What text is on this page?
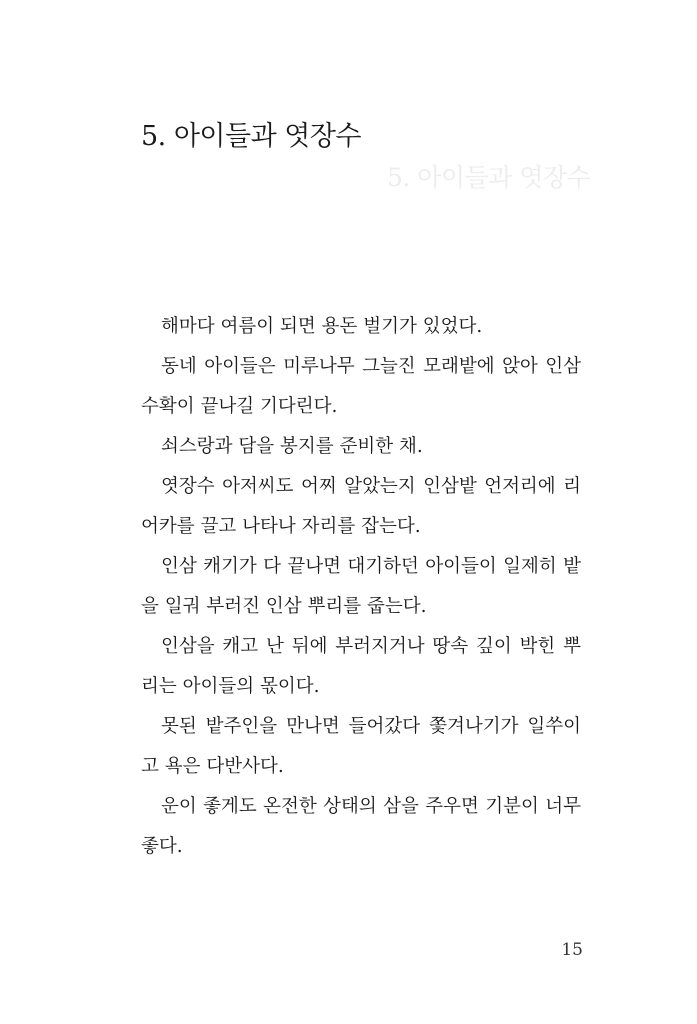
5. 아이들과 엿장수
5. 아이들과 엿장수

해마다 여름이 되면 용돈 벌기가 있었다.

동네 아이들은 미루나무 그늘진 모래밭에 앉아 인삼 수확이 끝나길 기다린다.

쇠스랑과 담을 봉지를 준비한 채.

엿장수 아저씨도 어찌 알았는지 인삼밭 언저리에 리어카를 끌고 나타나 자리를 잡는다.

인삼 캐기가 다 끝나면 대기하던 아이들이 일제히 밭을 일궈 부러진 인삼 뿌리를 줍는다.

인삼을 캐고 난 뒤에 부러지거나 땅속 깊이 박힌 뿌리는 아이들의 몫이다.

못된 밭주인을 만나면 들어갔다 쫓겨나기가 일쑤이고 욕은 다반사다.

운이 좋게도 온전한 상태의 삼을 주우면 기분이 너무 좋다.

15
